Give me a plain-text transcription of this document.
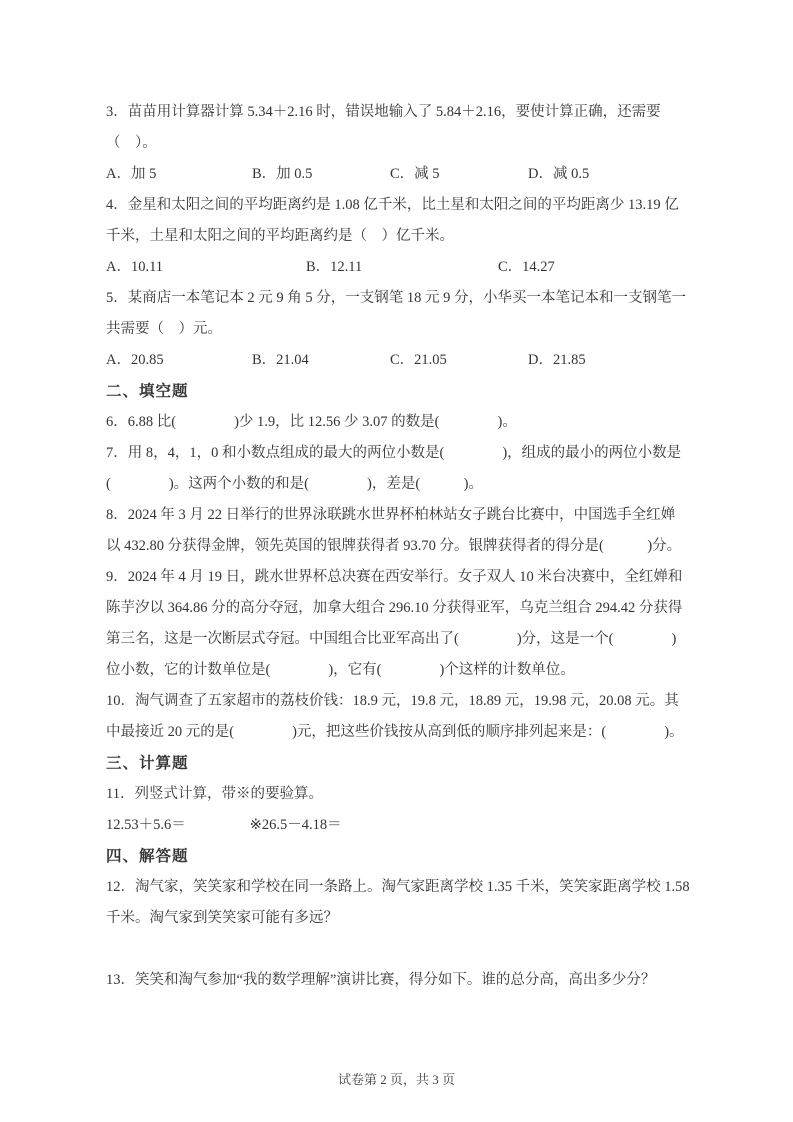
3．苗苗用计算器计算 5.34＋2.16 时，错误地输入了 5.84＋2.16，要使计算正确，还需要
（　）。
A．加 5	B．加 0.5	C．减 5	D．减 0.5
4．金星和太阳之间的平均距离约是 1.08 亿千米，比土星和太阳之间的平均距离少 13.19 亿
千米，土星和太阳之间的平均距离约是（　）亿千米。
A．10.11	B．12.11	C．14.27
5．某商店一本笔记本 2 元 9 角 5 分，一支钢笔 18 元 9 分，小华买一本笔记本和一支钢笔一
共需要（　）元。
A．20.85	B．21.04	C．21.05	D．21.85
二、填空题
6．6.88 比(　　　　)少 1.9，比 12.56 少 3.07 的数是(　　　　)。
7．用 8，4，1，0 和小数点组成的最大的两位小数是(　　　　)，组成的最小的两位小数是
(　　　　)。这两个小数的和是(　　　　)，差是(　　　)。
8．2024 年 3 月 22 日举行的世界泳联跳水世界杯柏林站女子跳台比赛中，中国选手全红婵
以 432.80 分获得金牌，领先英国的银牌获得者 93.70 分。银牌获得者的得分是(　　　)分。
9．2024 年 4 月 19 日，跳水世界杯总决赛在西安举行。女子双人 10 米台决赛中，全红婵和
陈芋汐以 364.86 分的高分夺冠，加拿大组合 296.10 分获得亚军，乌克兰组合 294.42 分获得
第三名，这是一次断层式夺冠。中国组合比亚军高出了(　　　　)分，这是一个(　　　　)
位小数，它的计数单位是(　　　　)，它有(　　　　)个这样的计数单位。
10．淘气调查了五家超市的荔枝价钱：18.9 元，19.8 元，18.89 元，19.98 元，20.08 元。其
中最接近 20 元的是(　　　　)元，把这些价钱按从高到低的顺序排列起来是：(　　　　)。
三、计算题
11．列竖式计算，带※的要验算。
12.53＋5.6＝	※26.5－4.18＝
四、解答题
12．淘气家，笑笑家和学校在同一条路上。淘气家距离学校 1.35 千米，笑笑家距离学校 1.58
千米。淘气家到笑笑家可能有多远？
13．笑笑和淘气参加“我的数学理解”演讲比赛，得分如下。谁的总分高，高出多少分？
试卷第 2 页，共 3 页
